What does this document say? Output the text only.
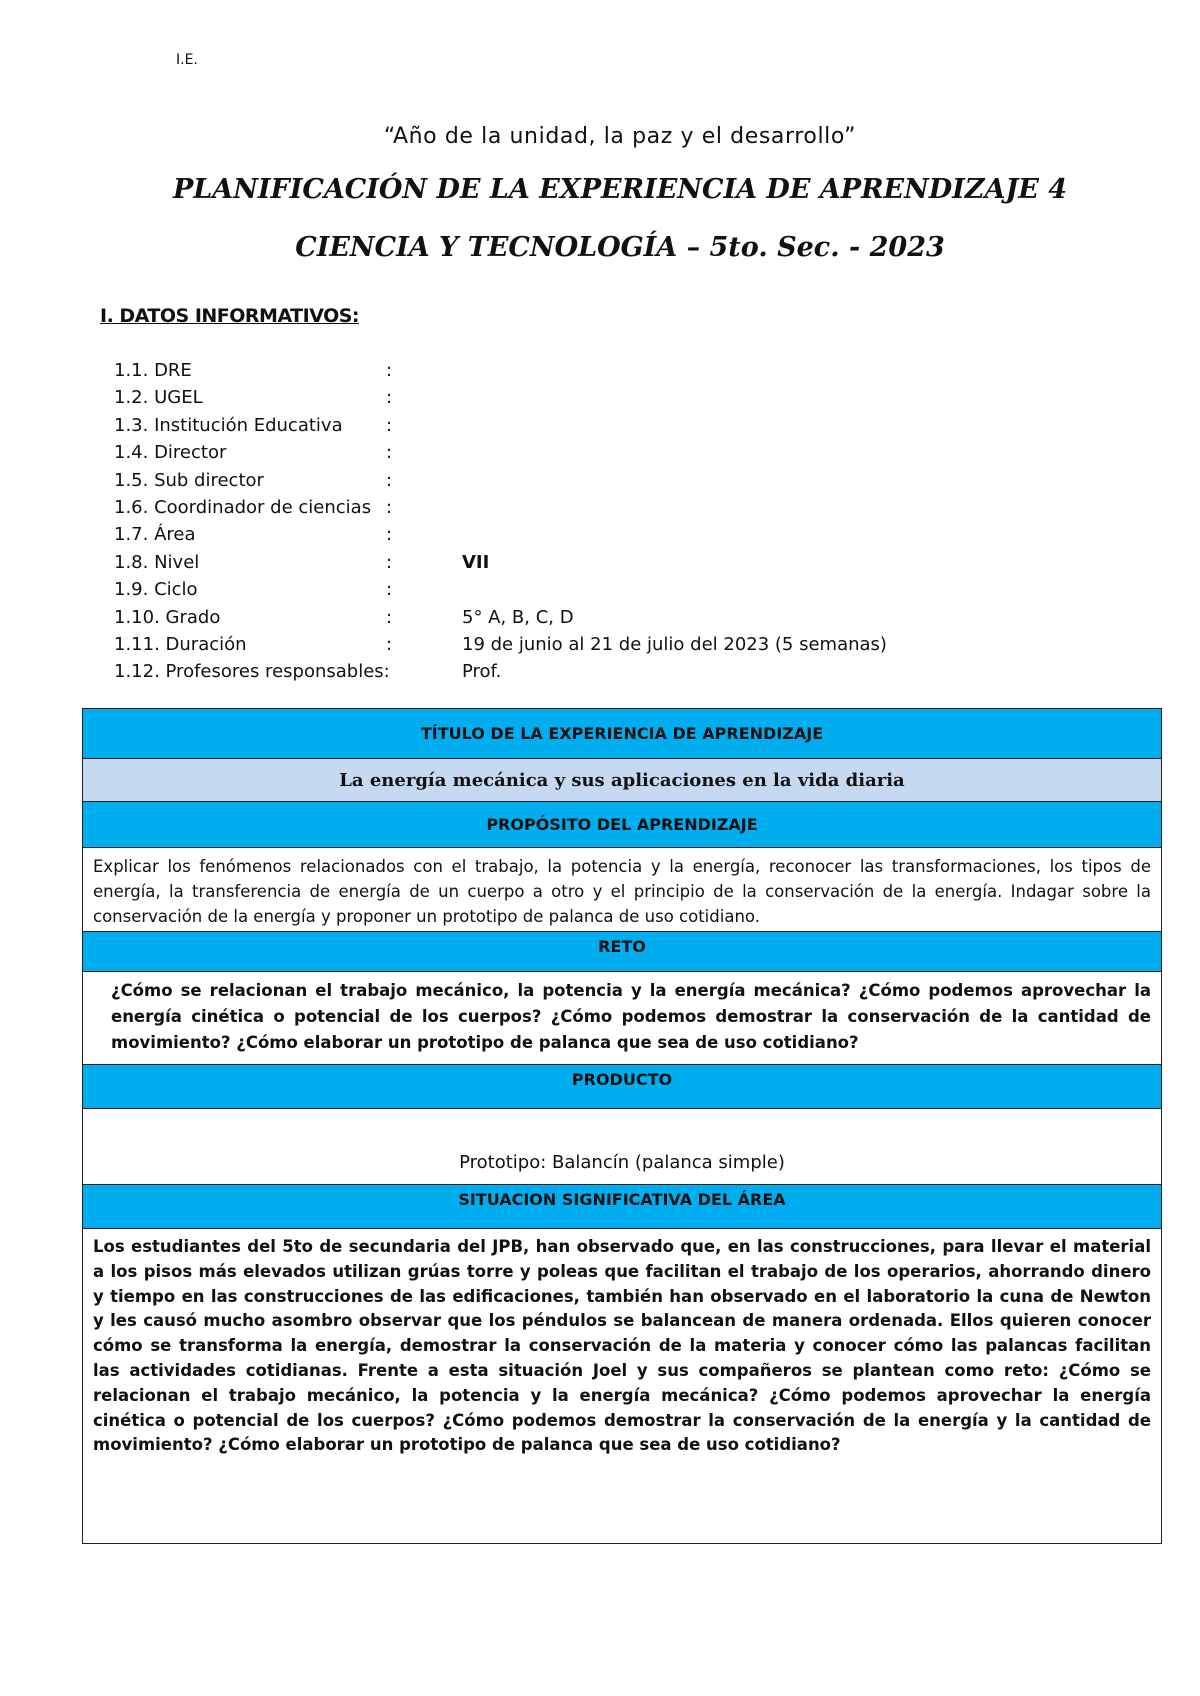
I.E.
“Año de la unidad, la paz y el desarrollo”
PLANIFICACIÓN DE LA EXPERIENCIA DE APRENDIZAJE 4
CIENCIA Y TECNOLOGÍA – 5to. Sec. - 2023
I. DATOS INFORMATIVOS:
1.1. DRE	:
1.2. UGEL	:
1.3. Institución Educativa :
1.4. Director	:
1.5. Sub director	:
1.6. Coordinador de ciencias :
1.7. Área	:
1.8. Nivel	:	VII
1.9. Ciclo	:
1.10. Grado	:	5° A, B, C, D
1.11. Duración	:	19 de junio al 21 de julio del 2023 (5 semanas)
1.12. Profesores responsables:	Prof.
TÍTULO DE LA EXPERIENCIA DE APRENDIZAJE
La energía mecánica y sus aplicaciones en la vida diaria
PROPÓSITO DEL APRENDIZAJE
Explicar los fenómenos relacionados con el trabajo, la potencia y la energía, reconocer las transformaciones, los tipos de energía, la transferencia de energía de un cuerpo a otro y el principio de la conservación de la energía. Indagar sobre la conservación de la energía y proponer un prototipo de palanca de uso cotidiano.
RETO
¿Cómo se relacionan el trabajo mecánico, la potencia y la energía mecánica? ¿Cómo podemos aprovechar la energía cinética o potencial de los cuerpos? ¿Cómo podemos demostrar la conservación de la cantidad de movimiento? ¿Cómo elaborar un prototipo de palanca que sea de uso cotidiano?
PRODUCTO
Prototipo: Balancín (palanca simple)
SITUACION SIGNIFICATIVA DEL ÁREA
Los estudiantes del 5to de secundaria del JPB, han observado que, en las construcciones, para llevar el material a los pisos más elevados utilizan grúas torre y poleas que facilitan el trabajo de los operarios, ahorrando dinero y tiempo en las construcciones de las edificaciones, también han observado en el laboratorio la cuna de Newton y les causó mucho asombro observar que los péndulos se balancean de manera ordenada. Ellos quieren conocer cómo se transforma la energía, demostrar la conservación de la materia y conocer cómo las palancas facilitan las actividades cotidianas. Frente a esta situación Joel y sus compañeros se plantean como reto: ¿Cómo se relacionan el trabajo mecánico, la potencia y la energía mecánica? ¿Cómo podemos aprovechar la energía cinética o potencial de los cuerpos? ¿Cómo podemos demostrar la conservación de la energía y la cantidad de movimiento? ¿Cómo elaborar un prototipo de palanca que sea de uso cotidiano?
